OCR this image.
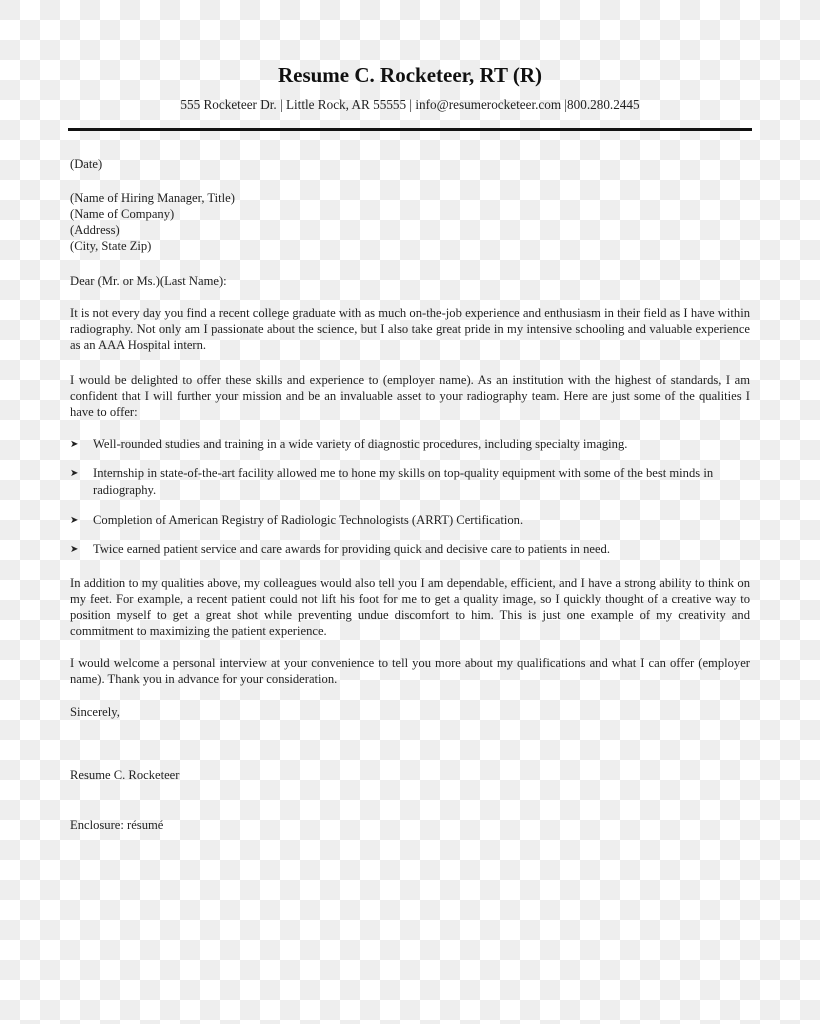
Resume C. Rocketeer, RT (R)
555 Rocketeer Dr. | Little Rock, AR 55555 | info@resumerocketeer.com |800.280.2445
(Date)
(Name of Hiring Manager, Title)
(Name of Company)
(Address)
(City, State Zip)
Dear (Mr. or Ms.)(Last Name):
It is not every day you find a recent college graduate with as much on-the-job experience and enthusiasm in their field as I have within radiography. Not only am I passionate about the science, but I also take great pride in my intensive schooling and valuable experience as an AAA Hospital intern.
I would be delighted to offer these skills and experience to (employer name). As an institution with the highest of standards, I am confident that I will further your mission and be an invaluable asset to your radiography team. Here are just some of the qualities I have to offer:
➤	Well-rounded studies and training in a wide variety of diagnostic procedures, including specialty imaging.
➤	Internship in state-of-the-art facility allowed me to hone my skills on top-quality equipment with some of the best minds in radiography.
➤	Completion of American Registry of Radiologic Technologists (ARRT) Certification.
➤	Twice earned patient service and care awards for providing quick and decisive care to patients in need.
In addition to my qualities above, my colleagues would also tell you I am dependable, efficient, and I have a strong ability to think on my feet. For example, a recent patient could not lift his foot for me to get a quality image, so I quickly thought of a creative way to position myself to get a great shot while preventing undue discomfort to him. This is just one example of my creativity and commitment to maximizing the patient experience.
I would welcome a personal interview at your convenience to tell you more about my qualifications and what I can offer (employer name). Thank you in advance for your consideration.
Sincerely,
Resume C. Rocketeer
Enclosure: résumé
